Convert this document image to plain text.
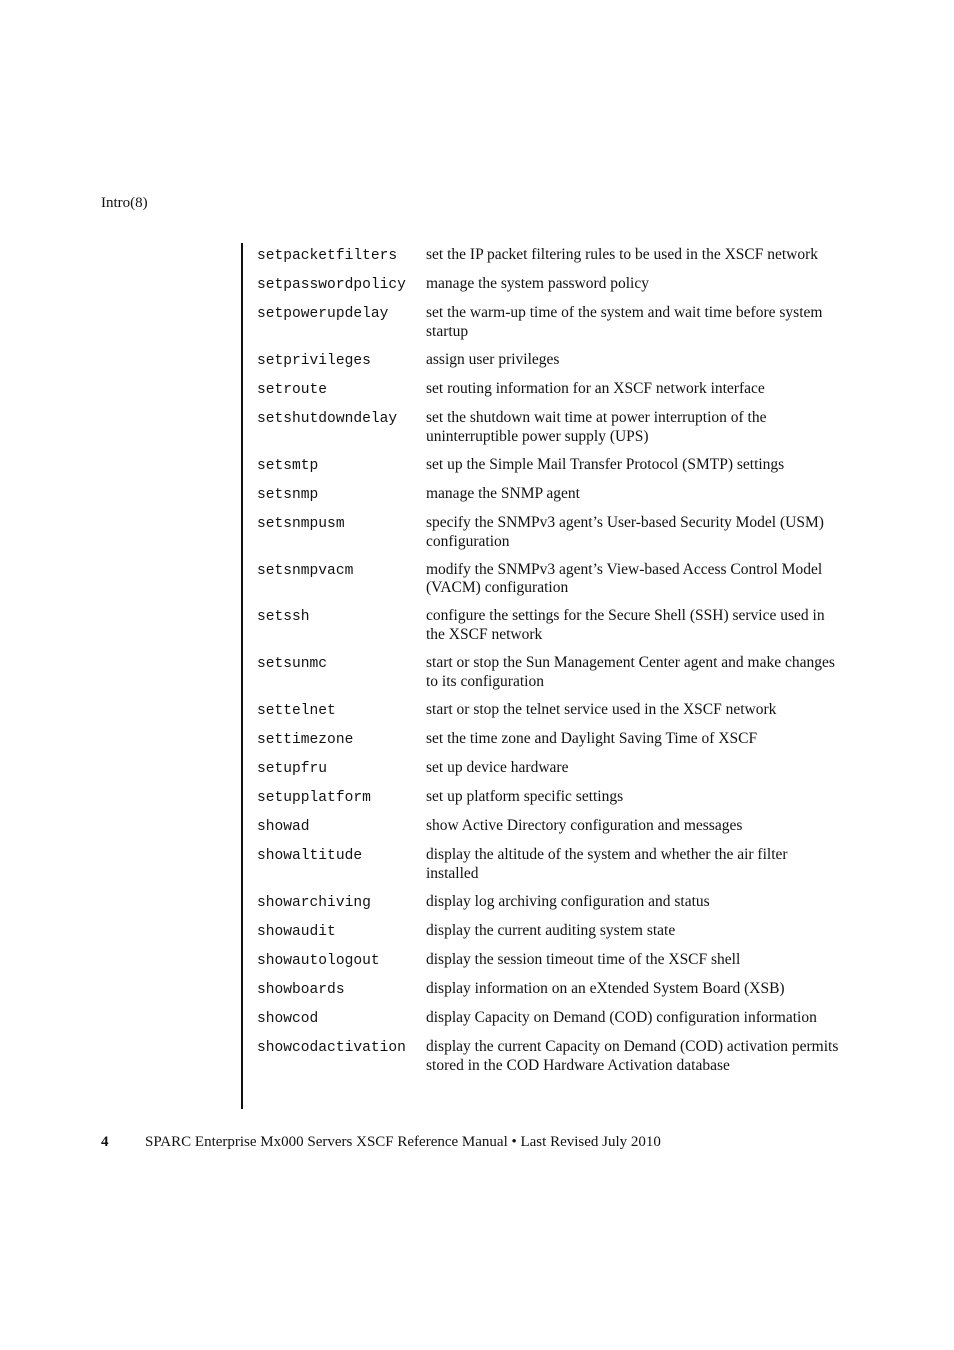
Intro(8)
setpacketfilters	set the IP packet filtering rules to be used in the XSCF network
setpasswordpolicy	manage the system password policy
setpowerupdelay	set the warm-up time of the system and wait time before system startup
setprivileges	assign user privileges
setroute	set routing information for an XSCF network interface
setshutdowndelay	set the shutdown wait time at power interruption of the uninterruptible power supply (UPS)
setsmtp	set up the Simple Mail Transfer Protocol (SMTP) settings
setsnmp	manage the SNMP agent
setsnmpusm	specify the SNMPv3 agent’s User-based Security Model (USM) configuration
setsnmpvacm	modify the SNMPv3 agent’s View-based Access Control Model (VACM) configuration
setssh	configure the settings for the Secure Shell (SSH) service used in the XSCF network
setsunmc	start or stop the Sun Management Center agent and make changes to its configuration
settelnet	start or stop the telnet service used in the XSCF network
settimezone	set the time zone and Daylight Saving Time of XSCF
setupfru	set up device hardware
setupplatform	set up platform specific settings
showad	show Active Directory configuration and messages
showaltitude	display the altitude of the system and whether the air filter installed
showarchiving	display log archiving configuration and status
showaudit	display the current auditing system state
showautologout	display the session timeout time of the XSCF shell
showboards	display information on an eXtended System Board (XSB)
showcod	display Capacity on Demand (COD) configuration information
showcodactivation	display the current Capacity on Demand (COD) activation permits stored in the COD Hardware Activation database
4	SPARC Enterprise Mx000 Servers XSCF Reference Manual • Last Revised July 2010
